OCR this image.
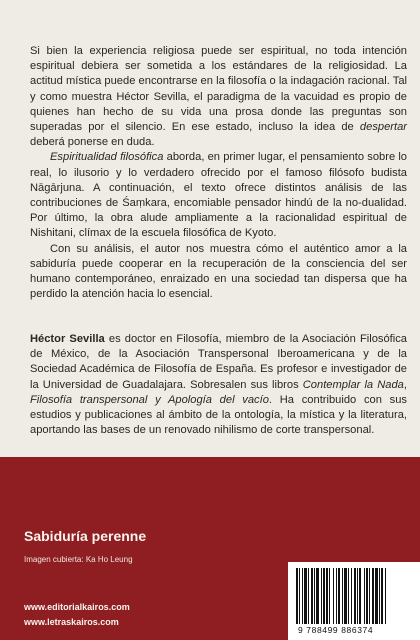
Si bien la experiencia religiosa puede ser espiritual, no toda intención espiritual debiera ser sometida a los estándares de la religiosidad. La actitud mística puede encontrarse en la filosofía o la indagación racional. Tal y como muestra Héctor Sevilla, el paradigma de la vacuidad es propio de quienes han hecho de su vida una prosa donde las preguntas son superadas por el silencio. En ese estado, incluso la idea de despertar deberá ponerse en duda.

Espiritualidad filosófica aborda, en primer lugar, el pensamiento sobre lo real, lo ilusorio y lo verdadero ofrecido por el famoso filósofo budista Nāgārjuna. A continuación, el texto ofrece distintos análisis de las contribuciones de Śaṃkara, encomiable pensador hindú de la no-dualidad. Por último, la obra alude ampliamente a la racionalidad espiritual de Nishitani, clímax de la escuela filosófica de Kyoto.

Con su análisis, el autor nos muestra cómo el auténtico amor a la sabiduría puede cooperar en la recuperación de la consciencia del ser humano contemporáneo, enraizado en una sociedad tan dispersa que ha perdido la atención hacia lo esencial.

Héctor Sevilla es doctor en Filosofía, miembro de la Asociación Filosófica de México, de la Asociación Transpersonal Iberoamericana y de la Sociedad Académica de Filosofía de España. Es profesor e investigador de la Universidad de Guadalajara. Sobresalen sus libros Contemplar la Nada, Filosofía transpersonal y Apología del vacío. Ha contribuido con sus estudios y publicaciones al ámbito de la ontología, la mística y la literatura, aportando las bases de un renovado nihilismo de corte transpersonal.

Sabiduría perenne
Imagen cubierta: Ka Ho Leung
www.editorialkairos.com
www.letraskairos.com
9 788499 886374
